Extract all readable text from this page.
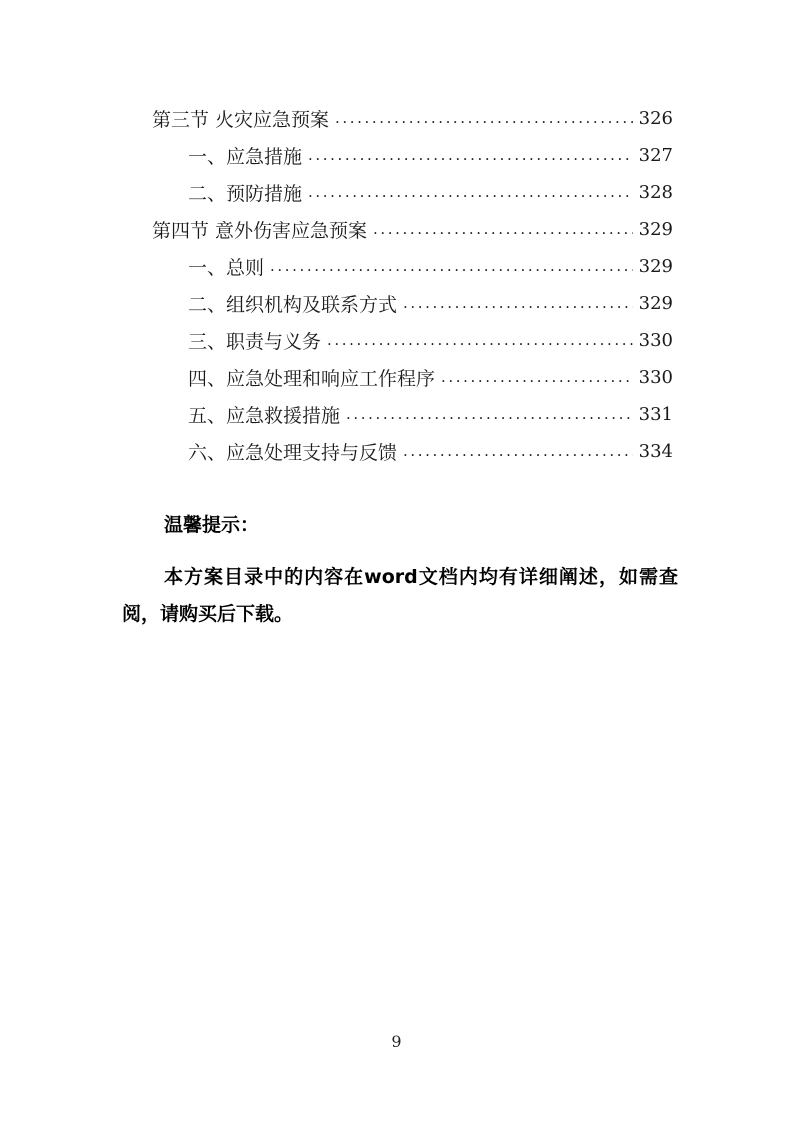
第三节 火灾应急预案 .....	326
一、应急措施 .....	327
二、预防措施 .....	328
第四节 意外伤害应急预案 .....	329
一、总则 .....	329
二、组织机构及联系方式 .....	329
三、职责与义务 .....	330
四、应急处理和响应工作程序 .....	330
五、应急救援措施 .....	331
六、应急处理支持与反馈 .....	334
温馨提示：
本方案目录中的内容在word文档内均有详细阐述，如需查阅，请购买后下载。
9
